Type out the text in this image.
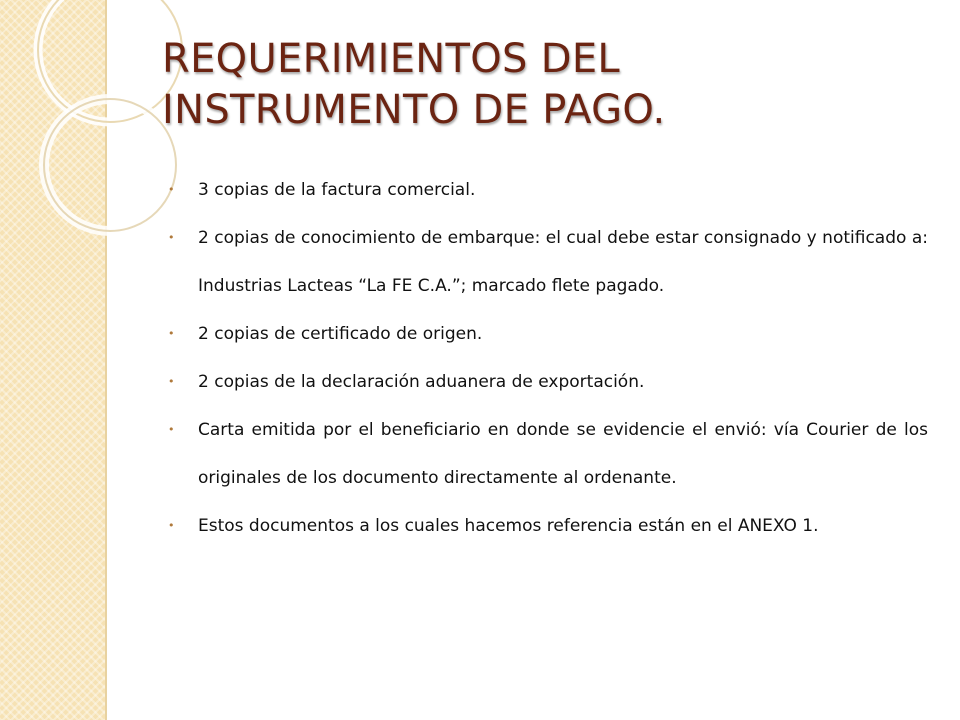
REQUERIMIENTOS DEL INSTRUMENTO DE PAGO.
• 3 copias de la factura comercial.
• 2 copias de conocimiento de embarque: el cual debe estar consignado y notificado a: Industrias Lacteas “La FE C.A.”; marcado flete pagado.
• 2 copias de certificado de origen.
• 2 copias de la declaración aduanera de exportación.
• Carta emitida por el beneficiario en donde se evidencie el envió: vía Courier de los originales de los documento directamente al ordenante.
• Estos documentos a los cuales hacemos referencia están en el ANEXO 1.
